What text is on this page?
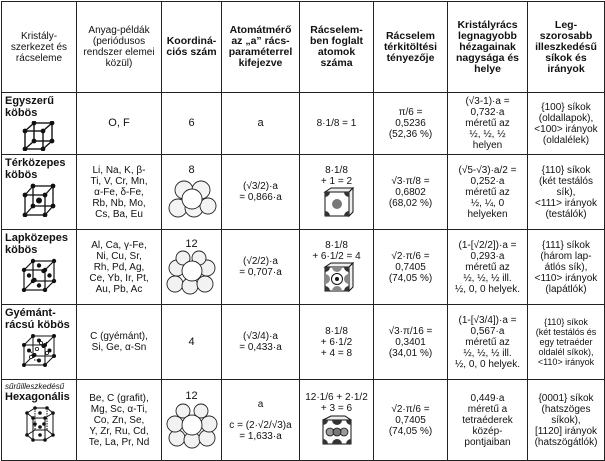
Kristály-szerkezet és rácseleme	Anyag-példák (periódusos rendszer elemei közül)	Koordiná-ciós szám	Atomátmérő az „a” rács-paraméterrel kifejezve	Rácselem-ben foglalt atomok száma	Rácselem térkitöltési tényezője	Kristályrács legnagyobb hézagainak nagysága és helye	Leg-szorosabb illeszkedésű síkok és irányok

Egyszerű
köbös	O, F	6	a	8·1/8 = 1	π/6 =
0,5236
(52,36 %)	(√3-1)·a =
0,732·a
méretű az
½, ½, ½
helyen	{100} síkok
(oldallapok),
<100> irányok
(oldalélek)

Térközepes
köbös	Li, Na, K, β-
Ti, V, Cr, Mn,
α-Fe, δ-Fe,
Rb, Nb, Mo,
Cs, Ba, Eu	8	(√3/2)·a
= 0,866·a	8·1/8
+ 1 = 2	√3·π/8 =
0,6802
(68,02 %)	(√5-√3)·a/2 =
0,252·a
méretű az
½, ¼, 0
helyeken	{110} síkok
(két testálós
sík),
<111> irányok
(testálók)

Lapközepes
köbös	Al, Ca, γ-Fe,
Ni, Cu, Sr,
Rh, Pd, Ag,
Ce, Yb, Ir, Pt,
Au, Pb, Ac	12	(√2/2)·a
= 0,707·a	8·1/8
+ 6·1/2 = 4	√2·π/6 =
0,7405
(74,05 %)	(1-[√2/2])·a =
0,293·a
méretű az
½, ½, ½ ill.
½, 0, 0 helyek.	{111} síkok
(három lap-
átlós sík),
<110> irányok
(lapátlók)

Gyémánt-
rácsú köbös	C (gyémánt),
Si, Ge, α-Sn	4	(√3/4)·a
= 0,433·a	8·1/8
+ 6·1/2
+ 4 = 8	√3·π/16 =
0,3401
(34,01 %)	(1-[√3/4])·a =
0,567·a
méretű az
½, ½, ½ ill.
½, 0, 0 helyek.	{110} síkok
(két testálós és
egy tetraéder
oldalél síkok),
<110> irányok

sűrűilleszkedésű
Hexagonális	Be, C (grafit),
Mg, Sc, α-Ti,
Co, Zn, Se,
Y, Zr, Ru, Cd,
Te, La, Pr, Nd	12	a
c = (2·√2/√3)a
= 1,633·a	12·1/6 + 2·1/2
+ 3 = 6	√2·π/6 =
0,7405
(74,05 %)	0,449·a
méretű a
tetraéderek
közép-
pontjaiban	{0001} síkok
(hatszöges
síkok),
[1120] irányok
(hatszögátlók)
